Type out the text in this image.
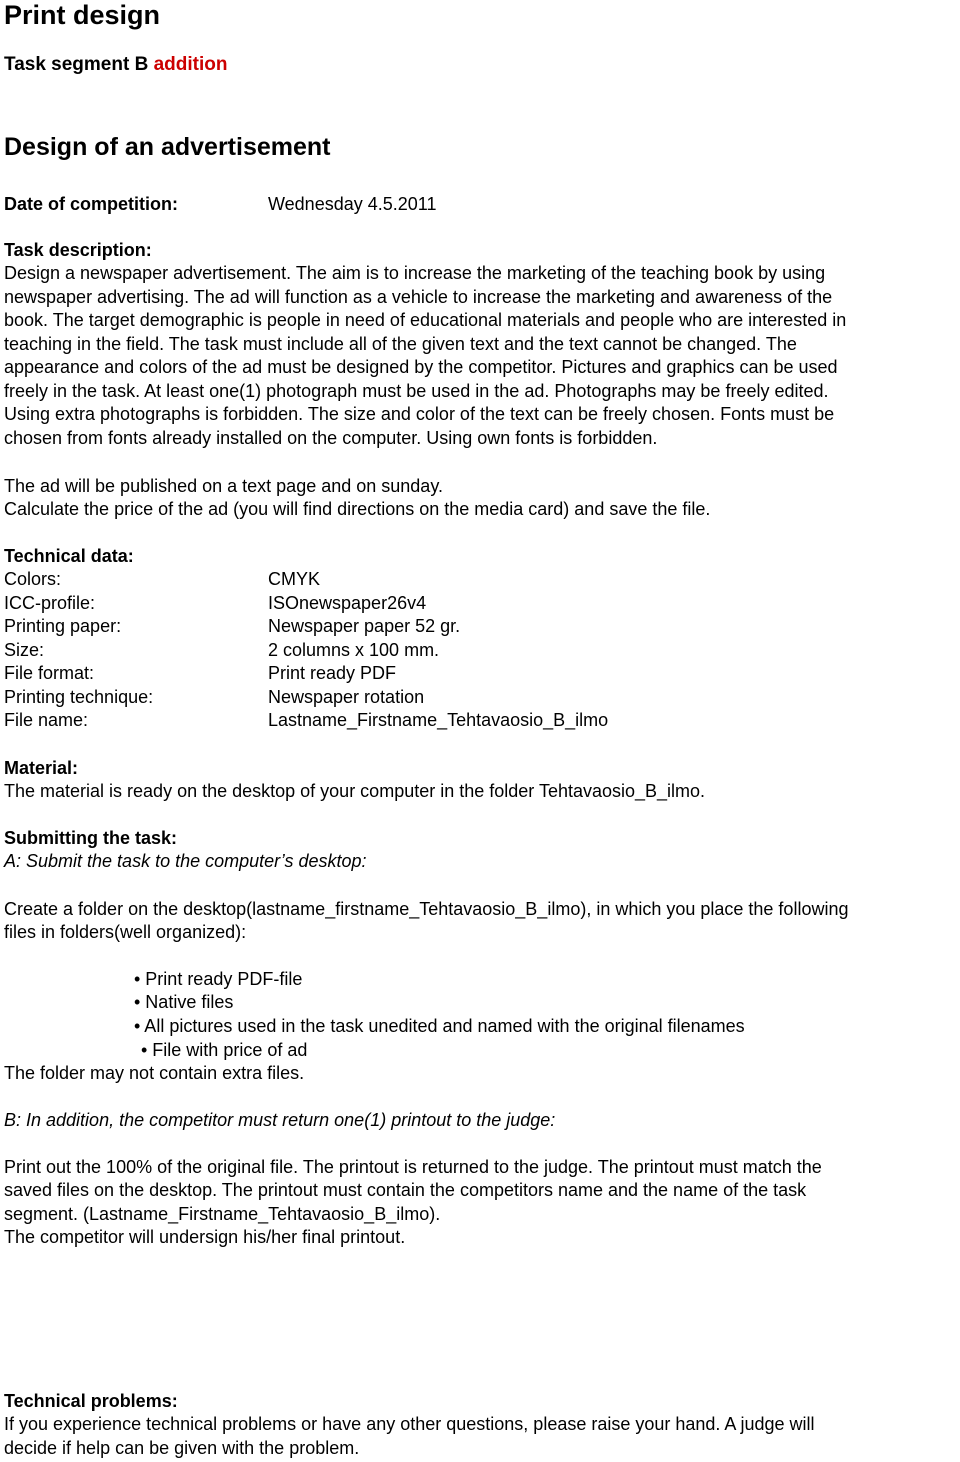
Print design
Task segment B addition
Design of an advertisement
Date of competition:	Wednesday 4.5.2011
Task description:
Design a newspaper advertisement. The aim is to increase the marketing of the teaching book by using
newspaper advertising. The ad will function as a vehicle to increase the marketing and awareness of the
book. The target demographic is people in need of educational materials and people who are interested in
teaching in the field. The task must include all of the given text and the text cannot be changed. The
appearance and colors of the ad must be designed by the competitor. Pictures and graphics can be used
freely in the task. At least one(1) photograph must be used in the ad. Photographs may be freely edited.
Using extra photographs is forbidden. The size and color of the text can be freely chosen. Fonts must be
chosen from fonts already installed on the computer. Using own fonts is forbidden.
The ad will be published on a text page and on sunday.
Calculate the price of the ad (you will find directions on the media card) and save the file.
Technical data:
Colors:	CMYK
ICC-profile:	ISOnewspaper26v4
Printing paper:	Newspaper paper 52 gr.
Size:	2 columns x 100 mm.
File format:	Print ready PDF
Printing technique:	Newspaper rotation
File name:	Lastname_Firstname_Tehtavaosio_B_ilmo
Material:
The material is ready on the desktop of your computer in the folder Tehtavaosio_B_ilmo.
Submitting the task:
A: Submit the task to the computer’s desktop:
Create a folder on the desktop(lastname_firstname_Tehtavaosio_B_ilmo), in which you place the following
files in folders(well organized):
• Print ready PDF-file
• Native files
• All pictures used in the task unedited and named with the original filenames
• File with price of ad
The folder may not contain extra files.
B: In addition, the competitor must return one(1) printout to the judge:
Print out the 100% of the original file. The printout is returned to the judge. The printout must match the
saved files on the desktop. The printout must contain the competitors name and the name of the task
segment. (Lastname_Firstname_Tehtavaosio_B_ilmo).
The competitor will undersign his/her final printout.
Technical problems:
If you experience technical problems or have any other questions, please raise your hand. A judge will
decide if help can be given with the problem.
